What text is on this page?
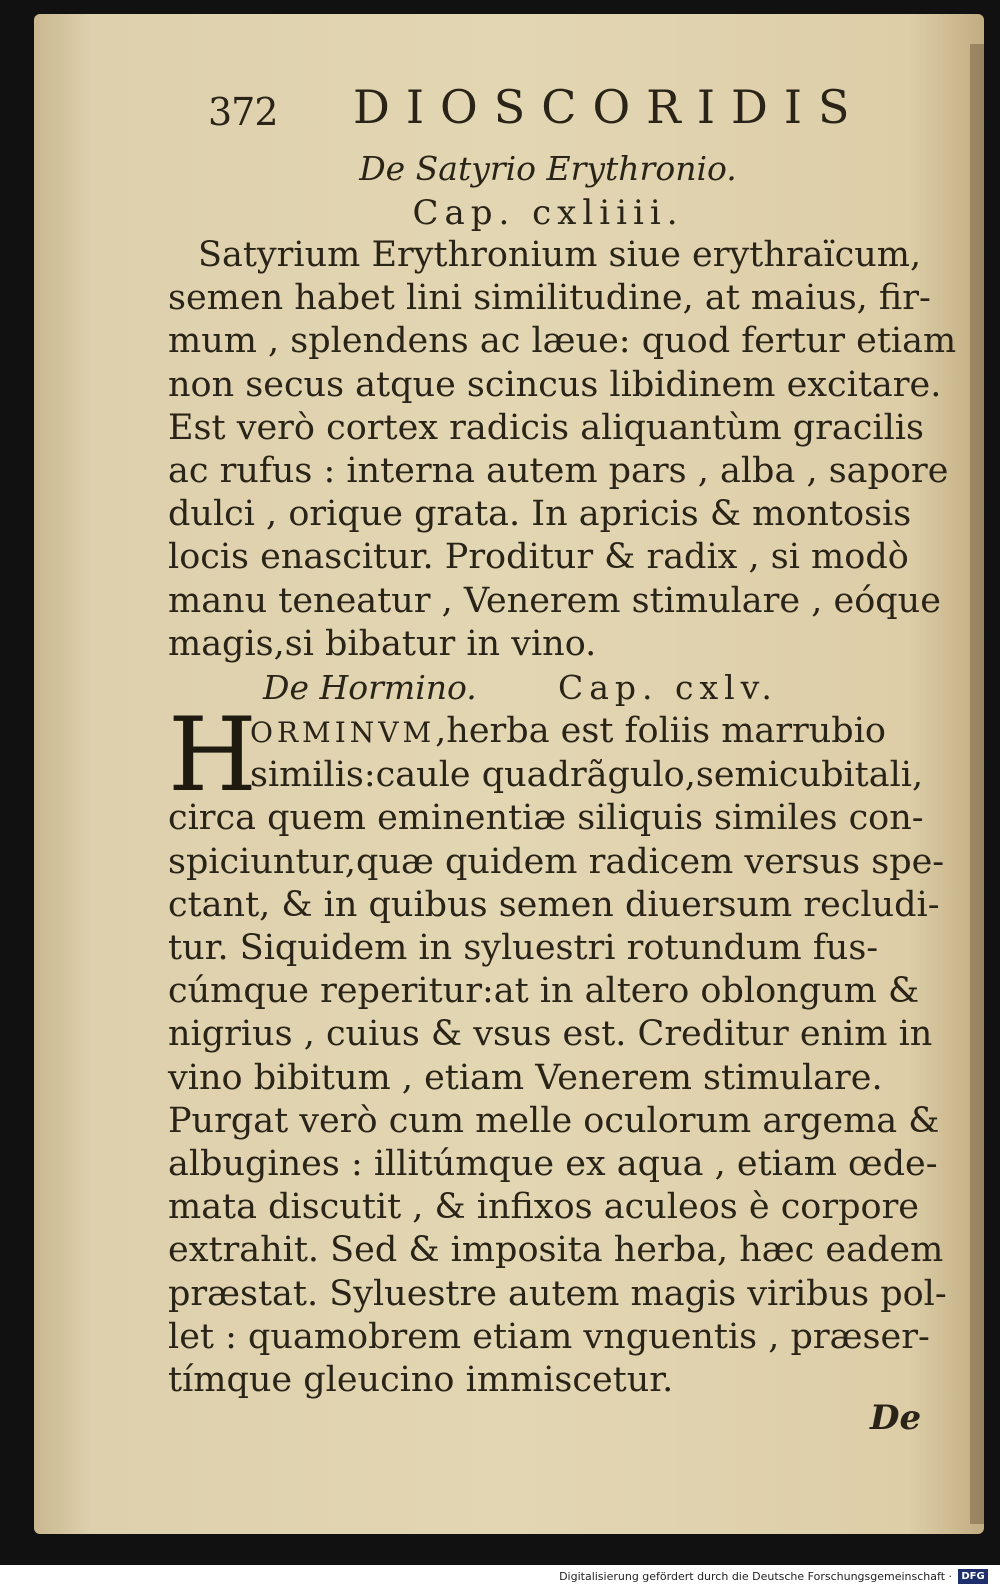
372 DIOSCORIDIS

De Satyrio Erythronio.

Cap. cxliiii.

Satyrium Erythronium siue erythraïcum,

semen habet lini similitudine, at maius, fir-

mum , splendens ac læue: quod fertur etiam

non secus atque scincus libidinem excitare.

Est verò cortex radicis aliquantùm gracilis

ac rufus : interna autem pars , alba , sapore

dulci , orique grata. In apricis & montosis

locis enascitur. Proditur & radix , si modò

manu teneatur , Venerem stimulare , eóque

magis,si bibatur in vino.

De Hormino. Cap. cxlv.
H

ORMINVM,herba est foliis marrubio

similis:caule quadrãgulo,semicubitali,

circa quem eminentiæ siliquis similes con-

spiciuntur,quæ quidem radicem versus spe-

ctant, & in quibus semen diuersum recludi-

tur. Siquidem in syluestri rotundum fus-

cúmque reperitur:at in altero oblongum &

nigrius , cuius & vsus est. Creditur enim in

vino bibitum , etiam Venerem stimulare.

Purgat verò cum melle oculorum argema &

albugines : illitúmque ex aqua , etiam œde-

mata discutit , & infixos aculeos è corpore

extrahit. Sed & imposita herba, hæc eadem

præstat. Syluestre autem magis viribus pol-

let : quamobrem etiam vnguentis , præser-

tímque gleucino immiscetur.

De
Digitalisierung gefördert durch die Deutsche Forschungsgemeinschaft · DFG
